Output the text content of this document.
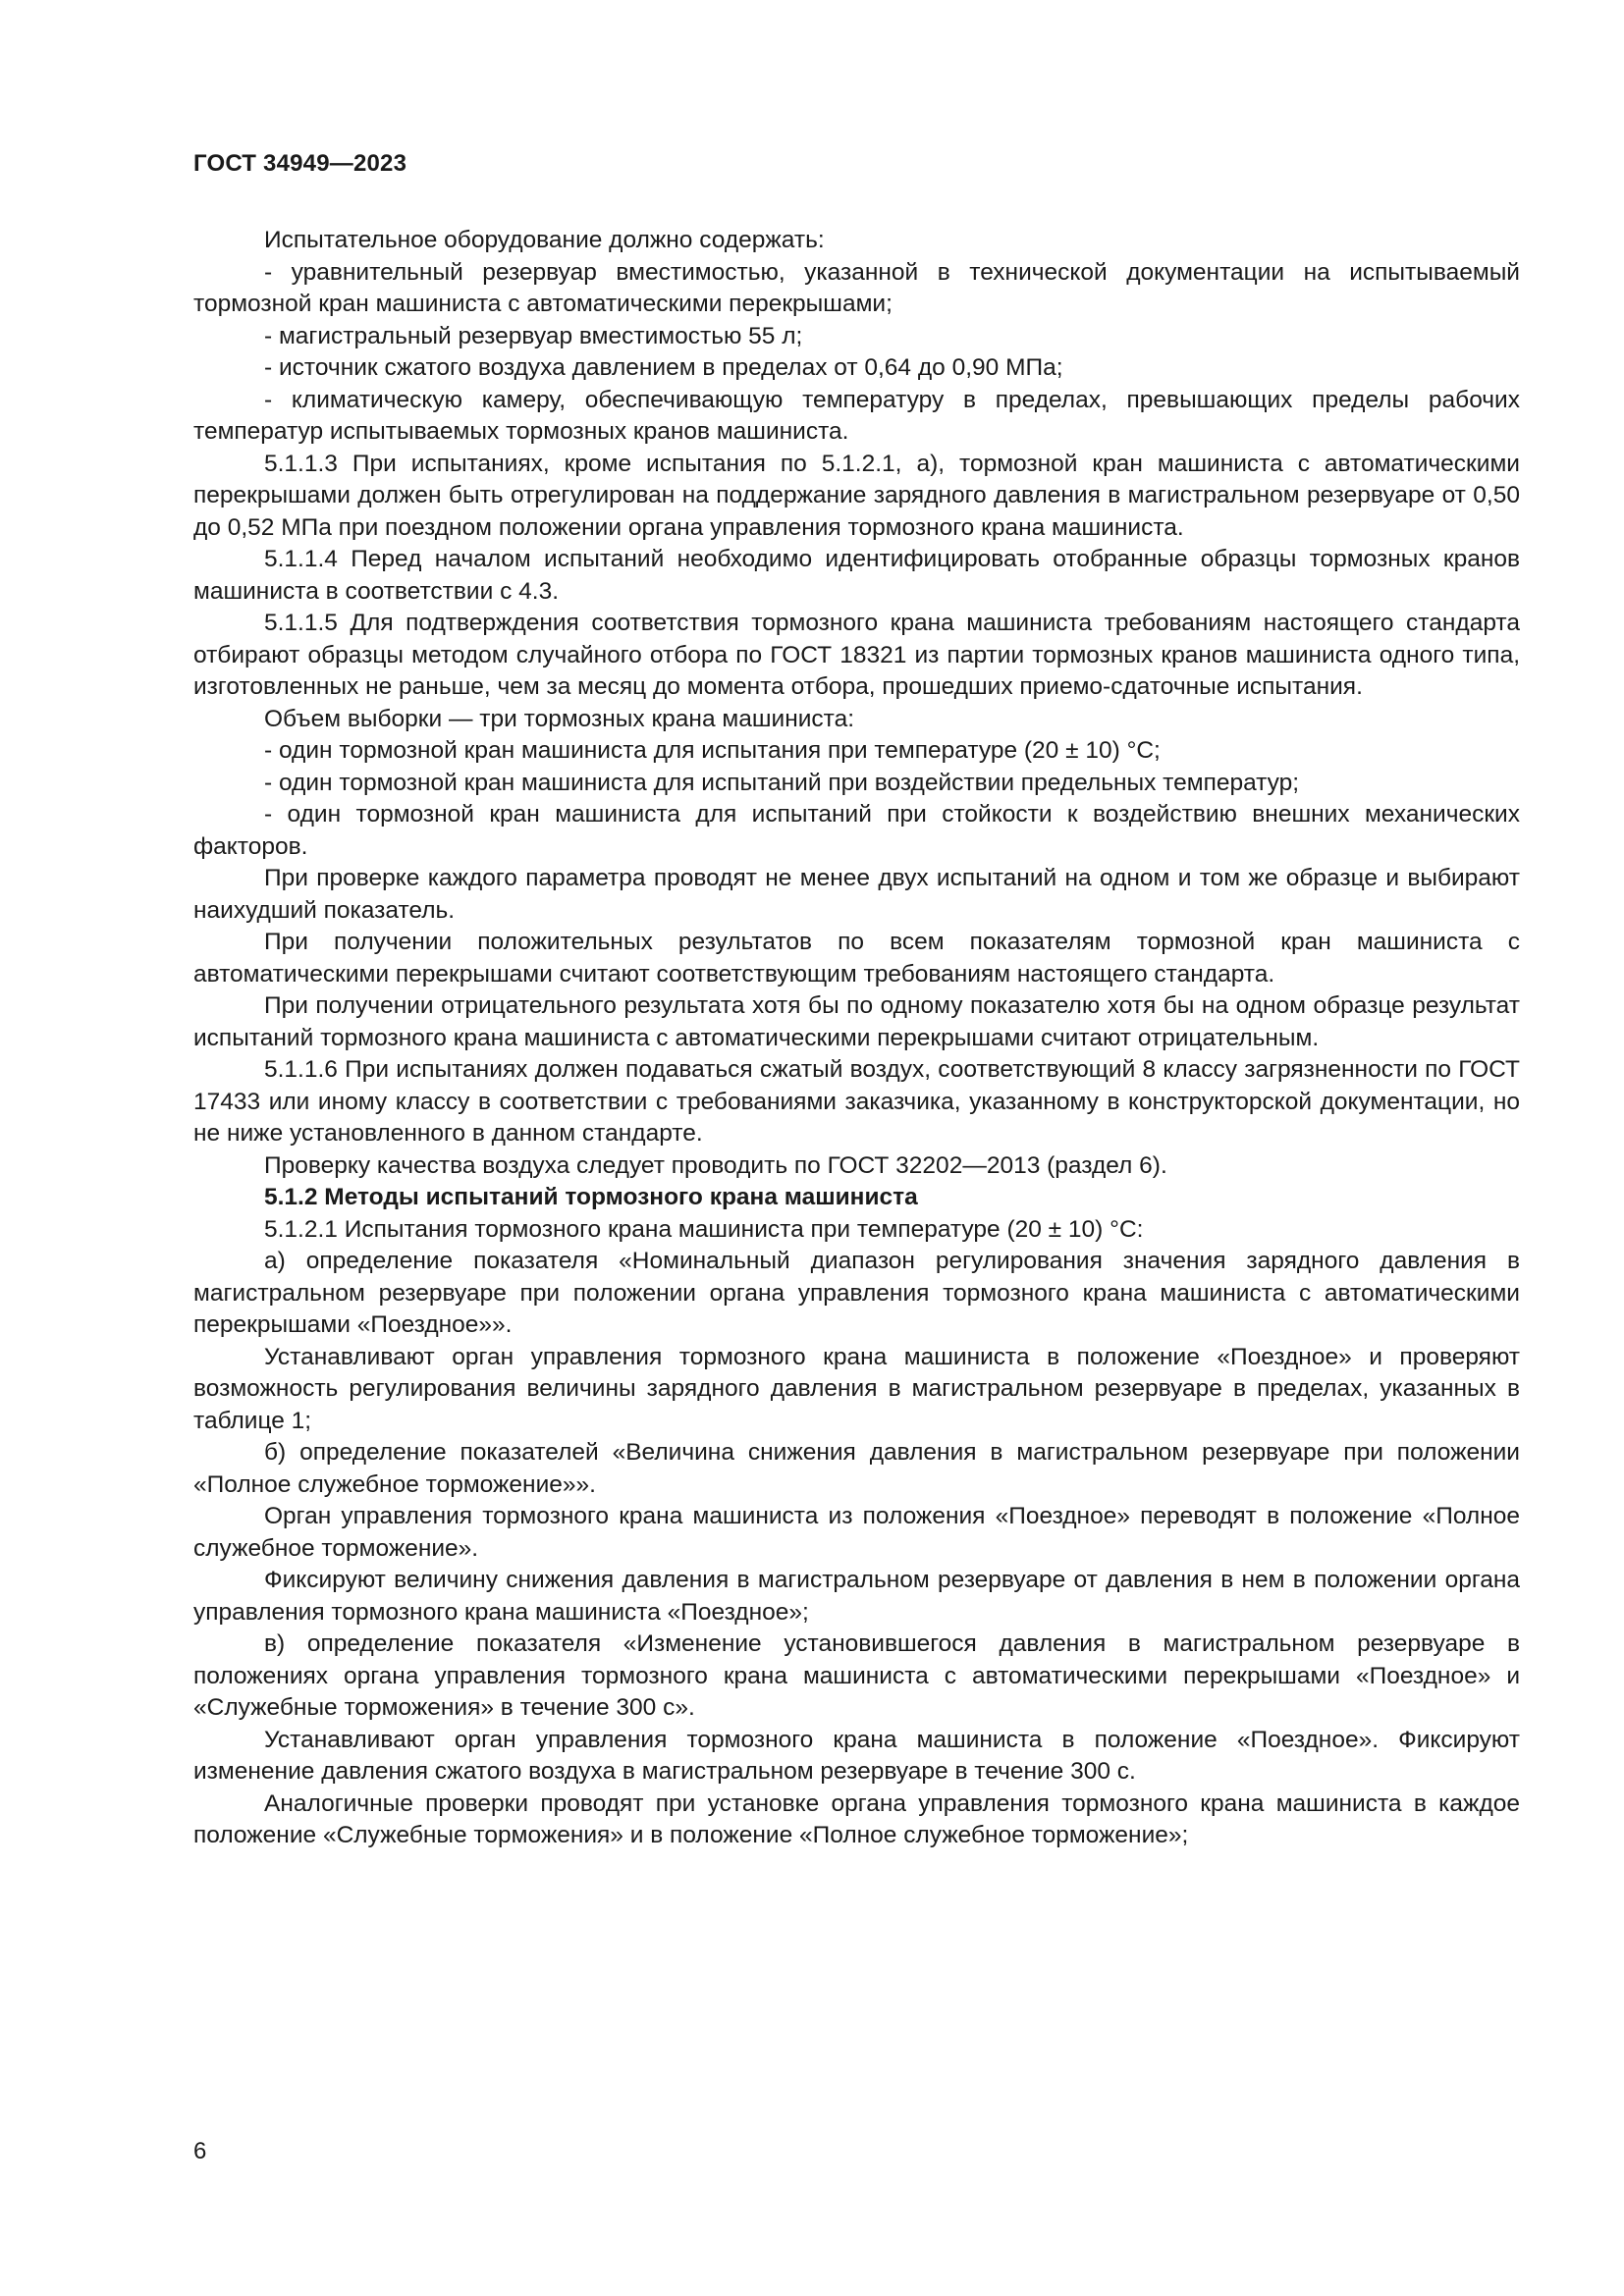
ГОСТ 34949—2023

Испытательное оборудование должно содержать:

- уравнительный резервуар вместимостью, указанной в технической документации на испытываемый тормозной кран машиниста с автоматическими перекрышами;

- магистральный резервуар вместимостью 55 л;

- источник сжатого воздуха давлением в пределах от 0,64 до 0,90 МПа;

- климатическую камеру, обеспечивающую температуру в пределах, превышающих пределы рабочих температур испытываемых тормозных кранов машиниста.

5.1.1.3 При испытаниях, кроме испытания по 5.1.2.1, а), тормозной кран машиниста с автоматическими перекрышами должен быть отрегулирован на поддержание зарядного давления в магистральном резервуаре от 0,50 до 0,52 МПа при поездном положении органа управления тормозного крана машиниста.

5.1.1.4 Перед началом испытаний необходимо идентифицировать отобранные образцы тормозных кранов машиниста в соответствии с 4.3.

5.1.1.5 Для подтверждения соответствия тормозного крана машиниста требованиям настоящего стандарта отбирают образцы методом случайного отбора по ГОСТ 18321 из партии тормозных кранов машиниста одного типа, изготовленных не раньше, чем за месяц до момента отбора, прошедших приемо-сдаточные испытания.

Объем выборки — три тормозных крана машиниста:

- один тормозной кран машиниста для испытания при температуре (20 ± 10) °С;

- один тормозной кран машиниста для испытаний при воздействии предельных температур;

- один тормозной кран машиниста для испытаний при стойкости к воздействию внешних механических факторов.

При проверке каждого параметра проводят не менее двух испытаний на одном и том же образце и выбирают наихудший показатель.

При получении положительных результатов по всем показателям тормозной кран машиниста с автоматическими перекрышами считают соответствующим требованиям настоящего стандарта.

При получении отрицательного результата хотя бы по одному показателю хотя бы на одном образце результат испытаний тормозного крана машиниста с автоматическими перекрышами считают отрицательным.

5.1.1.6 При испытаниях должен подаваться сжатый воздух, соответствующий 8 классу загрязненности по ГОСТ 17433 или иному классу в соответствии с требованиями заказчика, указанному в конструкторской документации, но не ниже установленного в данном стандарте.

Проверку качества воздуха следует проводить по ГОСТ 32202—2013 (раздел 6).

5.1.2 Методы испытаний тормозного крана машиниста

5.1.2.1 Испытания тормозного крана машиниста при температуре (20 ± 10) °С:

а) определение показателя «Номинальный диапазон регулирования значения зарядного давления в магистральном резервуаре при положении органа управления тормозного крана машиниста с автоматическими перекрышами «Поездное»».

Устанавливают орган управления тормозного крана машиниста в положение «Поездное» и проверяют возможность регулирования величины зарядного давления в магистральном резервуаре в пределах, указанных в таблице 1;

б) определение показателей «Величина снижения давления в магистральном резервуаре при положении «Полное служебное торможение»».

Орган управления тормозного крана машиниста из положения «Поездное» переводят в положение «Полное служебное торможение».

Фиксируют величину снижения давления в магистральном резервуаре от давления в нем в положении органа управления тормозного крана машиниста «Поездное»;

в) определение показателя «Изменение установившегося давления в магистральном резервуаре в положениях органа управления тормозного крана машиниста с автоматическими перекрышами «Поездное» и «Служебные торможения» в течение 300 с».

Устанавливают орган управления тормозного крана машиниста в положение «Поездное». Фиксируют изменение давления сжатого воздуха в магистральном резервуаре в течение 300 с.

Аналогичные проверки проводят при установке органа управления тормозного крана машиниста в каждое положение «Служебные торможения» и в положение «Полное служебное торможение»;

6
